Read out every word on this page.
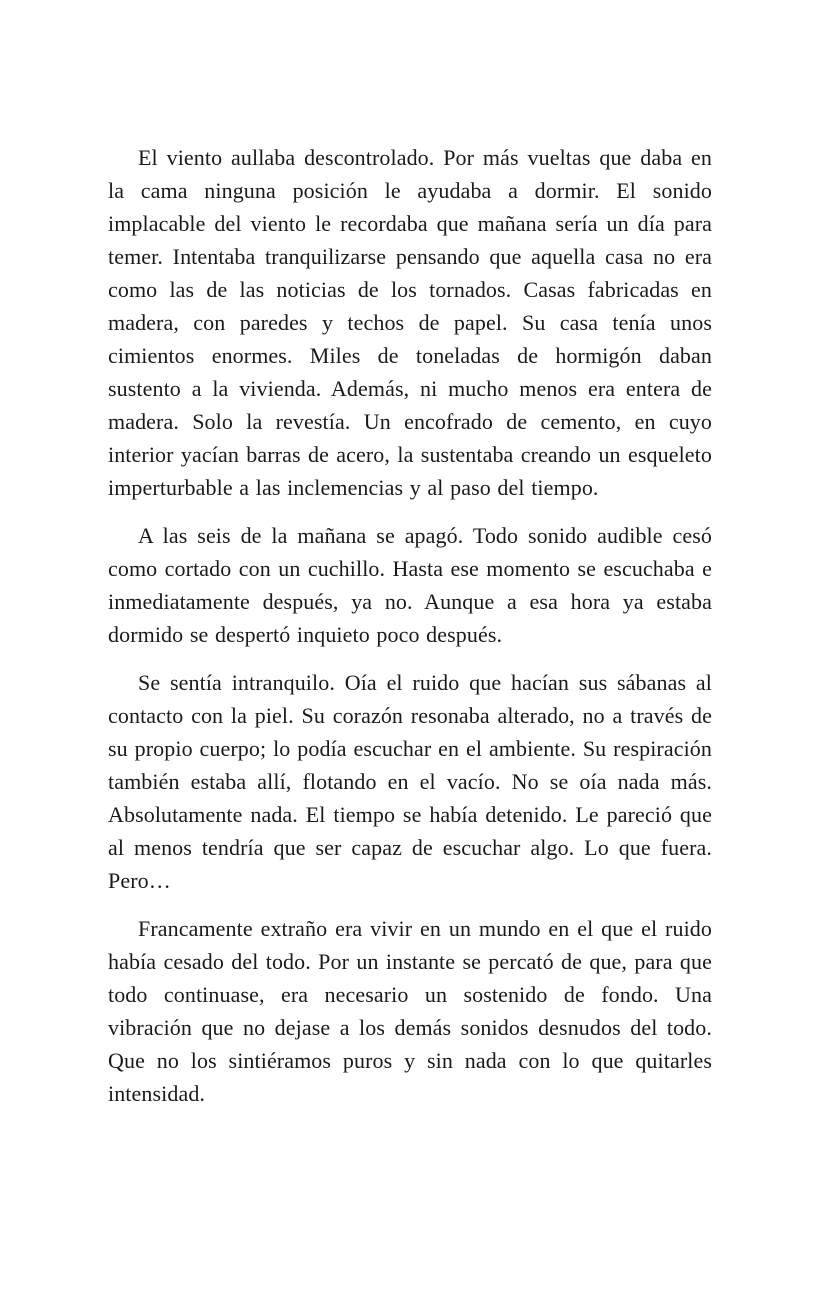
El viento aullaba descontrolado. Por más vueltas que daba en la cama ninguna posición le ayudaba a dormir. El sonido implacable del viento le recordaba que mañana sería un día para temer. Intentaba tranquilizarse pensando que aquella casa no era como las de las noticias de los tornados. Casas fabricadas en madera, con paredes y techos de papel. Su casa tenía unos cimientos enormes. Miles de toneladas de hormigón daban sustento a la vivienda. Además, ni mucho menos era entera de madera. Solo la revestía. Un encofrado de cemento, en cuyo interior yacían barras de acero, la sustentaba creando un esqueleto imperturbable a las inclemencias y al paso del tiempo.

A las seis de la mañana se apagó. Todo sonido audible cesó como cortado con un cuchillo. Hasta ese momento se escuchaba e inmediatamente después, ya no. Aunque a esa hora ya estaba dormido se despertó inquieto poco después.

Se sentía intranquilo. Oía el ruido que hacían sus sábanas al contacto con la piel. Su corazón resonaba alterado, no a través de su propio cuerpo; lo podía escuchar en el ambiente. Su respiración también estaba allí, flotando en el vacío. No se oía nada más. Absolutamente nada. El tiempo se había detenido. Le pareció que al menos tendría que ser capaz de escuchar algo. Lo que fuera. Pero…

Francamente extraño era vivir en un mundo en el que el ruido había cesado del todo. Por un instante se percató de que, para que todo continuase, era necesario un sostenido de fondo. Una vibración que no dejase a los demás sonidos desnudos del todo. Que no los sintiéramos puros y sin nada con lo que quitarles intensidad.
